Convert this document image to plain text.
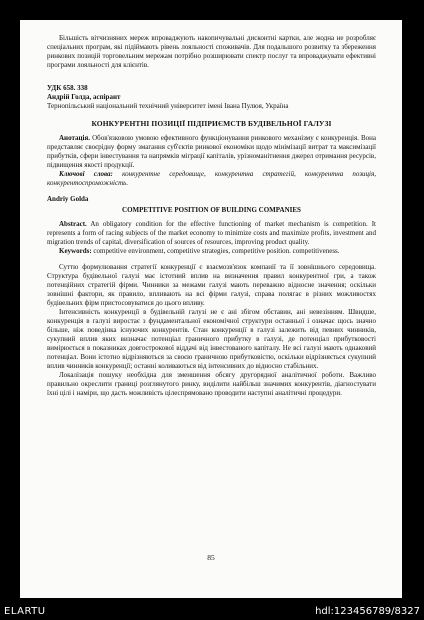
Більшість вітчизняних мереж впроваджують накопичувальні дисконтні картки, але жодна не розробляє спеціальних програм, які підіймають рівень лояльності споживачів. Для подальшого розвитку та збереження ринкових позицій торговельним мережам потрібно розширювати спектр послуг та впроваджувати ефективні програми лояльності для клієнтів.

УДК 658. 338
Андрій Голда, аспірант
Тернопільський національний технічний університет імені Івана Пулюя, Україна
КОНКУРЕНТНІ ПОЗИЦІЇ ПІДПРИЄМСТВ БУДІВЕЛЬНОЇ ГАЛУЗІ

Анотація. Обов'язковою умовою ефективного функціонування ринкового механізму є конкуренція. Вона представляє своєрідну форму змагання суб'єктів ринкової економіки щодо мінімізації витрат та максимізації прибутків, сфери інвестування та напрямків міграції капіталів, урізноманітнення джерел отримання ресурсів, підвищення якості продукції.

Ключові слова: конкурентне середовище, конкурентна стратегій, конкурентна позиція, конкурентоспроможність.

Andriy Golda
COMPETITIVE POSITION OF BUILDING COMPANIES

Abstract. An obligatory condition for the effective functioning of market mechanism is competition. It represents a form of racing subjects of the market economy to minimize costs and maximize profits, investment and migration trends of capital, diversification of sources of resources, improving product quality.

Keywords: competitive environment, competitive strategies, competitive position. competitiveness.

Суттю формулювання стратегії конкуренції є взаємозв'язок компанії та її зовнішнього середовища. Структура будівельної галузі має істотний вплив на визначення правил конкурентної гри, а також потенційних стратегій фірми. Чинники за межами галузі мають переважно відносне значення; оскільки зовнішні фактори, як правило, впливають на всі фірми галузі, справа полягає в різних можливостях будівельних фірм пристосовуватися до цього впливу.

Інтенсивність конкуренції в будівельній галузі не є ані збігом обставин, ані невезінням. Швидше, конкуренція в галузі виростає з фундаментальної економічної структури останньої і означає щось значно більше, ніж поведінка існуючих конкурентів. Стан конкуренції в галузі залежить від певних чинників, сукупний вплив яких визначає потенціал граничного прибутку в галузі, де потенціал прибутковості вимірюється в показниках довгострокової віддачі від інвестованого капіталу. Не всі галузі мають однаковий потенціал. Вони істотно відрізняються за своєю граничною прибутковістю, оскільки відрізняється сукупний вплив чинників конкуренції; останні коливаються від інтенсивних до відносно стабільних.

Локалізація пошуку необхідна для зменшення обсягу другорядної аналітичної роботи. Важливо правильно окреслити границі розглянутого ринку, виділити найбільш значимих конкурентів, діагностувати їхні цілі і наміри, що дасть можливість цілеспрямовано проводити наступні аналітичні процедури.

85
ELARTU	hdl:123456789/8327
